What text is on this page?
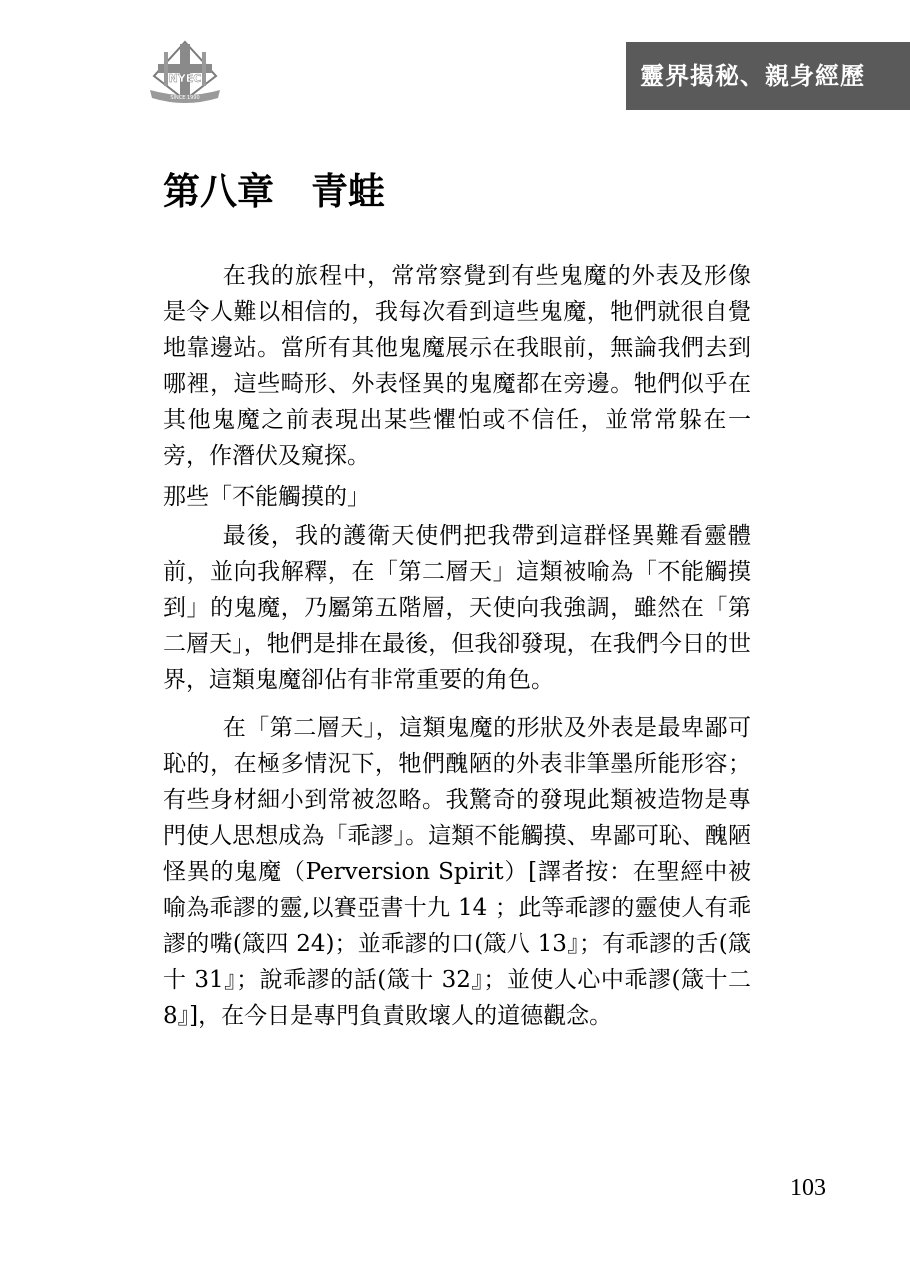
NYEC
SINCE 1990
靈界揭秘、親身經歷
第八章　青蛙

在我的旅程中，常常察覺到有些鬼魔的外表及形像是令人難以相信的，我每次看到這些鬼魔，牠們就很自覺地靠邊站。當所有其他鬼魔展示在我眼前，無論我們去到哪裡，這些畸形、外表怪異的鬼魔都在旁邊。牠們似乎在其他鬼魔之前表現出某些懼怕或不信任，並常常躲在一旁，作潛伏及窺探。

那些「不能觸摸的」

最後，我的護衛天使們把我帶到這群怪異難看靈體前，並向我解釋，在「第二層天」這類被喻為「不能觸摸到」的鬼魔，乃屬第五階層，天使向我強調，雖然在「第二層天」，牠們是排在最後，但我卻發現，在我們今日的世界，這類鬼魔卻佔有非常重要的角色。

在「第二層天」，這類鬼魔的形狀及外表是最卑鄙可恥的，在極多情況下，牠們醜陋的外表非筆墨所能形容；有些身材細小到常被忽略。我驚奇的發現此類被造物是專門使人思想成為「乖謬」。這類不能觸摸、卑鄙可恥、醜陋怪異的鬼魔（Perversion Spirit）[譯者按：在聖經中被喻為乖謬的靈,以賽亞書十九 14 ；此等乖謬的靈使人有乖謬的嘴(箴四 24)；並乖謬的口(箴八 13』；有乖謬的舌(箴十 31』；說乖謬的話(箴十 32』；並使人心中乖謬(箴十二 8』]，在今日是專門負責敗壞人的道德觀念。

103
